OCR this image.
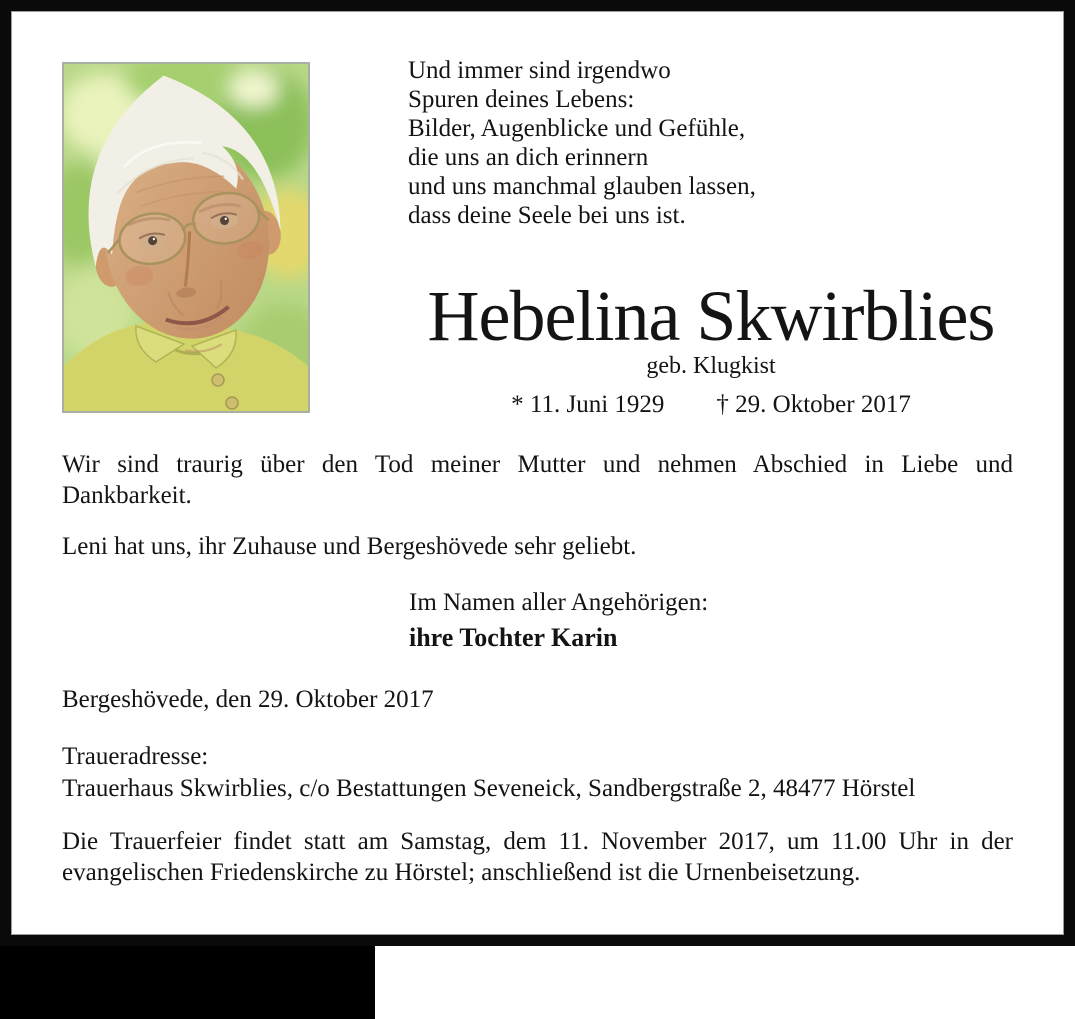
Und immer sind irgendwo
Spuren deines Lebens:
Bilder, Augenblicke und Gefühle,
die uns an dich erinnern
und uns manchmal glauben lassen,
dass deine Seele bei uns ist.
Hebelina Skwirblies
geb. Klugkist
* 11. Juni 1929 † 29. Oktober 2017
Wir sind traurig über den Tod meiner Mutter und nehmen Abschied in Liebe und
Dankbarkeit.
Leni hat uns, ihr Zuhause und Bergeshövede sehr geliebt.
Im Namen aller Angehörigen:
ihre Tochter Karin
Bergeshövede, den 29. Oktober 2017
Traueradresse:
Trauerhaus Skwirblies, c/o Bestattungen Seveneick, Sandbergstraße 2, 48477 Hörstel
Die Trauerfeier findet statt am Samstag, dem 11. November 2017, um 11.00 Uhr in der
evangelischen Friedenskirche zu Hörstel; anschließend ist die Urnenbeisetzung.
